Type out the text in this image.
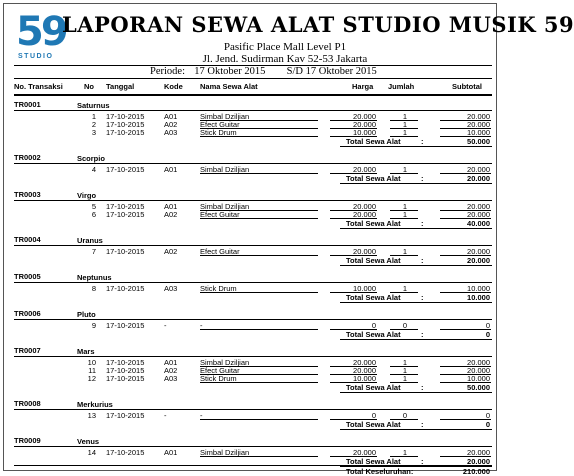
59
STUDIO
LAPORAN SEWA ALAT STUDIO MUSIK 59
Pasific Place Mall Level P1
Jl. Jend. Sudirman Kav 52-53 Jakarta
Periode: 17 Oktober 2015 S/D 17 Oktober 2015
No. Transaksi	No Tanggal	Kode Nama Sewa Alat	Harga Jumlah	Subtotal
TR0001	Saturnus
1 17-10-2015	A01	Simbal Dziljian	20.000	1	20.000
2 17-10-2015	A02	Efect Guitar	20.000	1	20.000
3 17-10-2015	A03	Stick Drum	10.000	1	10.000
Total Sewa Alat	:	50.000
TR0002	Scorpio
4 17-10-2015	A01	Simbal Dziljian	20.000	1	20.000
Total Sewa Alat	:	20.000
TR0003	Virgo
5 17-10-2015	A01	Simbal Dziljian	20.000	1	20.000
6 17-10-2015	A02	Efect Guitar	20.000	1	20.000
Total Sewa Alat	:	40.000
TR0004	Uranus
7 17-10-2015	A02	Efect Guitar	20.000	1	20.000
Total Sewa Alat	:	20.000
TR0005	Neptunus
8 17-10-2015	A03	Stick Drum	10.000	1	10.000
Total Sewa Alat	:	10.000
TR0006	Pluto
9 17-10-2015	-	-	0	0	0
Total Sewa Alat	:	0
TR0007	Mars
10 17-10-2015	A01	Simbal Dziljian	20.000	1	20.000
11 17-10-2015	A02	Efect Guitar	20.000	1	20.000
12 17-10-2015	A03	Stick Drum	10.000	1	10.000
Total Sewa Alat	:	50.000
TR0008	Merkurius
13 17-10-2015	-	-	0	0	0
Total Sewa Alat	:	0
TR0009	Venus
14 17-10-2015	A01	Simbal Dziljian	20.000	1	20.000
Total Sewa Alat	:	20.000
Total Keseluruhan:	210.000
